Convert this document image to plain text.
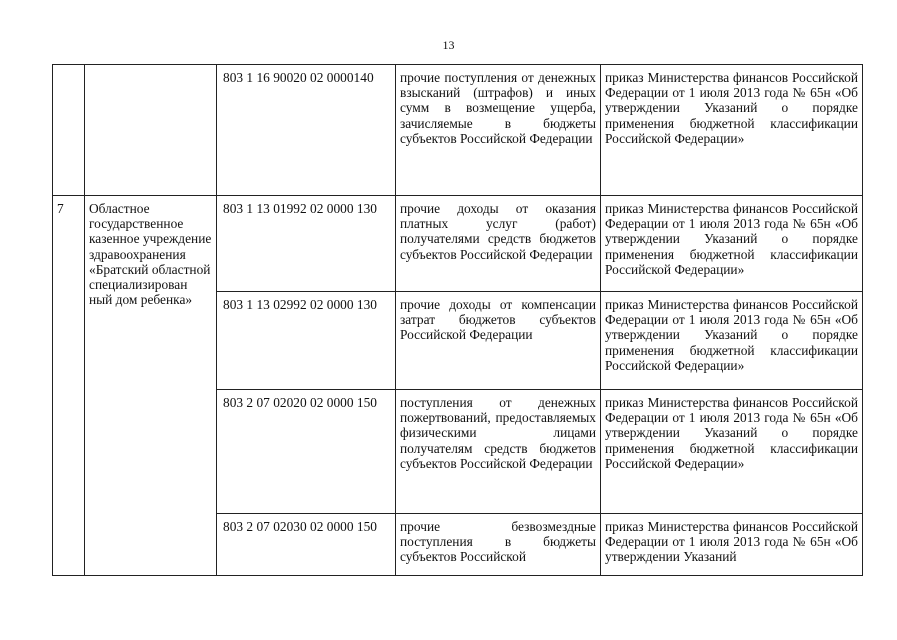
13
		803 1 16 90020 02 0000140	прочие поступления от денежных взысканий (штрафов) и иных сумм в возмещение ущерба, зачисляемые в бюджеты субъектов Российской Федерации	приказ Министерства финансов Российской Федерации от 1 июля 2013 года № 65н «Об утверждении Указаний о порядке применения бюджетной классификации Российской Федерации»
7	Областное государственное казенное учреждение здравоохранения «Братский областной специализирован ный дом ребенка»	803 1 13 01992 02 0000 130	прочие доходы от оказания платных услуг (работ) получателями средств бюджетов субъектов Российской Федерации	приказ Министерства финансов Российской Федерации от 1 июля 2013 года № 65н «Об утверждении Указаний о порядке применения бюджетной классификации Российской Федерации»
		803 1 13 02992 02 0000 130	прочие доходы от компенсации затрат бюджетов субъектов Российской Федерации	приказ Министерства финансов Российской Федерации от 1 июля 2013 года № 65н «Об утверждении Указаний о порядке применения бюджетной классификации Российской Федерации»
		803 2 07 02020 02 0000 150	поступления от денежных пожертвований, предоставляемых физическими лицами получателям средств бюджетов субъектов Российской Федерации	приказ Министерства финансов Российской Федерации от 1 июля 2013 года № 65н «Об утверждении Указаний о порядке применения бюджетной классификации Российской Федерации»
		803 2 07 02030 02 0000 150	прочие безвозмездные поступления в бюджеты субъектов Российской	приказ Министерства финансов Российской Федерации от 1 июля 2013 года № 65н «Об утверждении Указаний
